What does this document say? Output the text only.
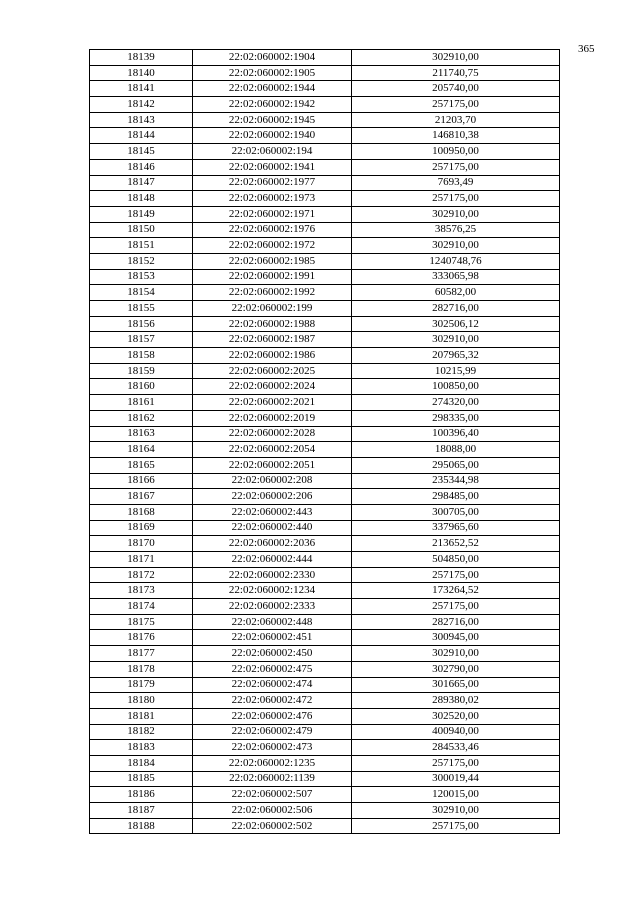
365
18139	22:02:060002:1904	302910,00
18140	22:02:060002:1905	211740,75
18141	22:02:060002:1944	205740,00
18142	22:02:060002:1942	257175,00
18143	22:02:060002:1945	21203,70
18144	22:02:060002:1940	146810,38
18145	22:02:060002:194	100950,00
18146	22:02:060002:1941	257175,00
18147	22:02:060002:1977	7693,49
18148	22:02:060002:1973	257175,00
18149	22:02:060002:1971	302910,00
18150	22:02:060002:1976	38576,25
18151	22:02:060002:1972	302910,00
18152	22:02:060002:1985	1240748,76
18153	22:02:060002:1991	333065,98
18154	22:02:060002:1992	60582,00
18155	22:02:060002:199	282716,00
18156	22:02:060002:1988	302506,12
18157	22:02:060002:1987	302910,00
18158	22:02:060002:1986	207965,32
18159	22:02:060002:2025	10215,99
18160	22:02:060002:2024	100850,00
18161	22:02:060002:2021	274320,00
18162	22:02:060002:2019	298335,00
18163	22:02:060002:2028	100396,40
18164	22:02:060002:2054	18088,00
18165	22:02:060002:2051	295065,00
18166	22:02:060002:208	235344,98
18167	22:02:060002:206	298485,00
18168	22:02:060002:443	300705,00
18169	22:02:060002:440	337965,60
18170	22:02:060002:2036	213652,52
18171	22:02:060002:444	504850,00
18172	22:02:060002:2330	257175,00
18173	22:02:060002:1234	173264,52
18174	22:02:060002:2333	257175,00
18175	22:02:060002:448	282716,00
18176	22:02:060002:451	300945,00
18177	22:02:060002:450	302910,00
18178	22:02:060002:475	302790,00
18179	22:02:060002:474	301665,00
18180	22:02:060002:472	289380,02
18181	22:02:060002:476	302520,00
18182	22:02:060002:479	400940,00
18183	22:02:060002:473	284533,46
18184	22:02:060002:1235	257175,00
18185	22:02:060002:1139	300019,44
18186	22:02:060002:507	120015,00
18187	22:02:060002:506	302910,00
18188	22:02:060002:502	257175,00
